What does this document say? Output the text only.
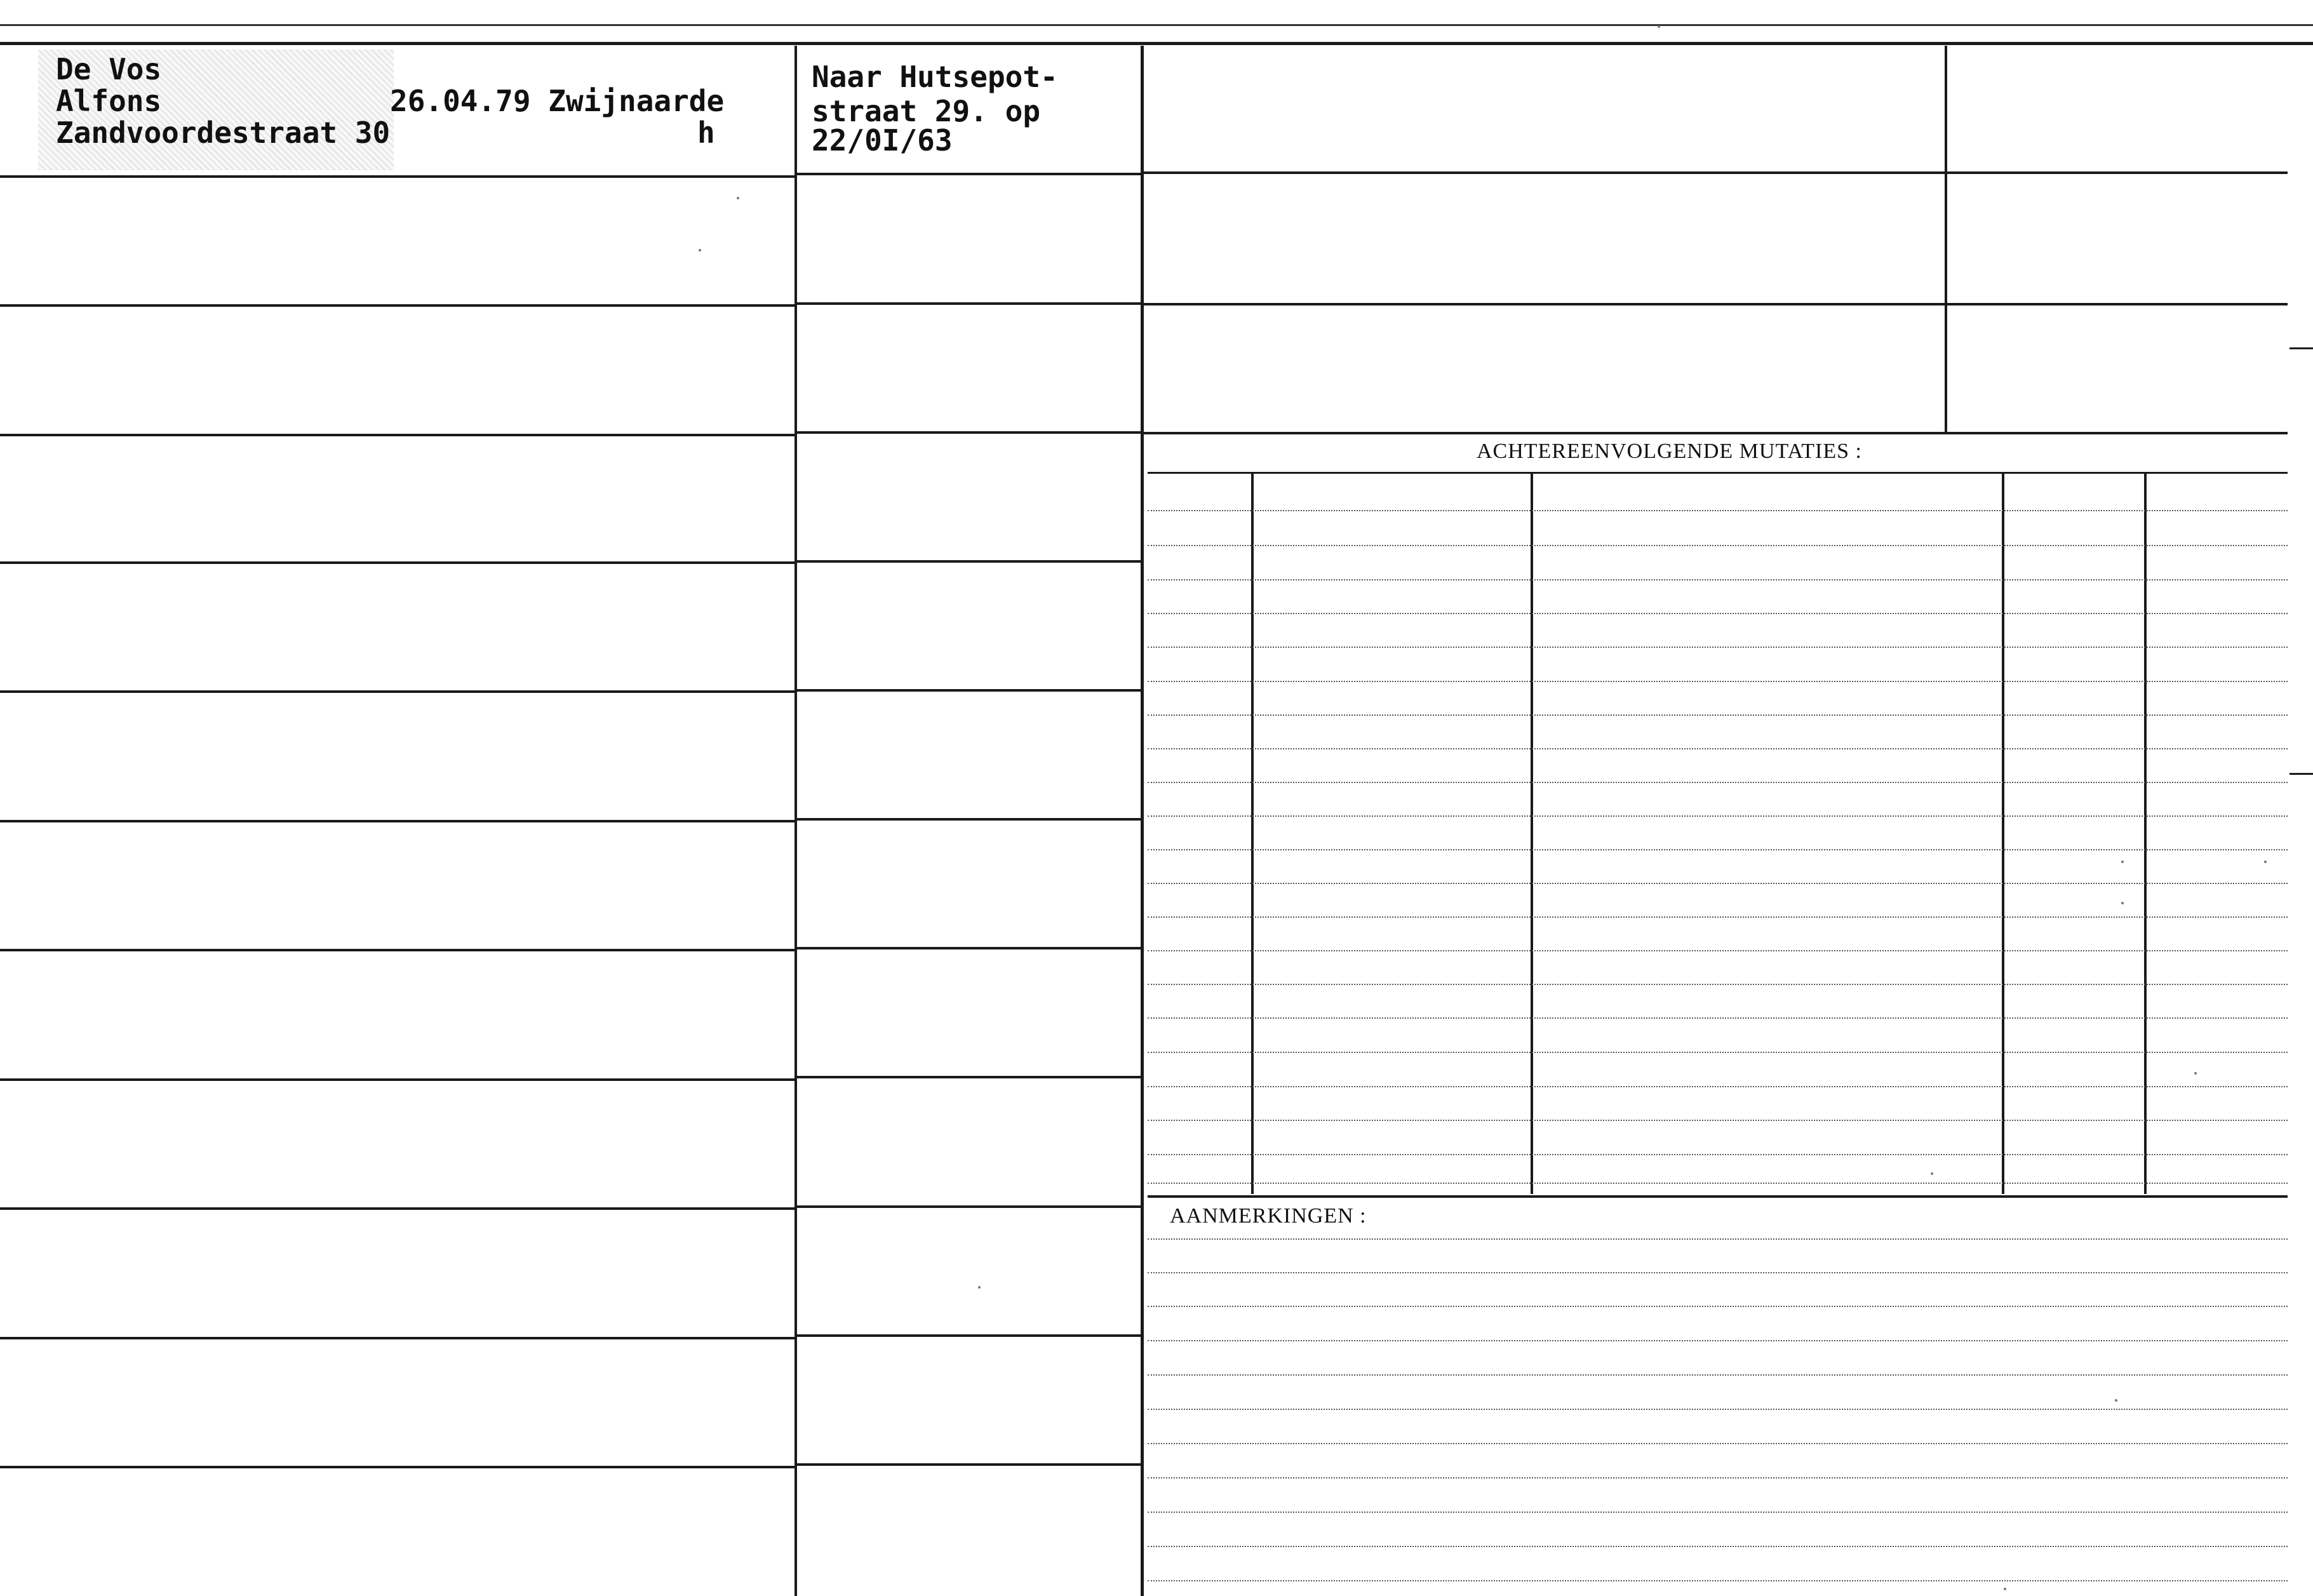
ACHTEREENVOLGENDE MUTATIES :
AANMERKINGEN :
De Vos
Alfons	26.04.79 Zwijnaarde
Zandvoordestraat 30	h
Naar Hutsepot-
straat 29. op
22/0I/63
